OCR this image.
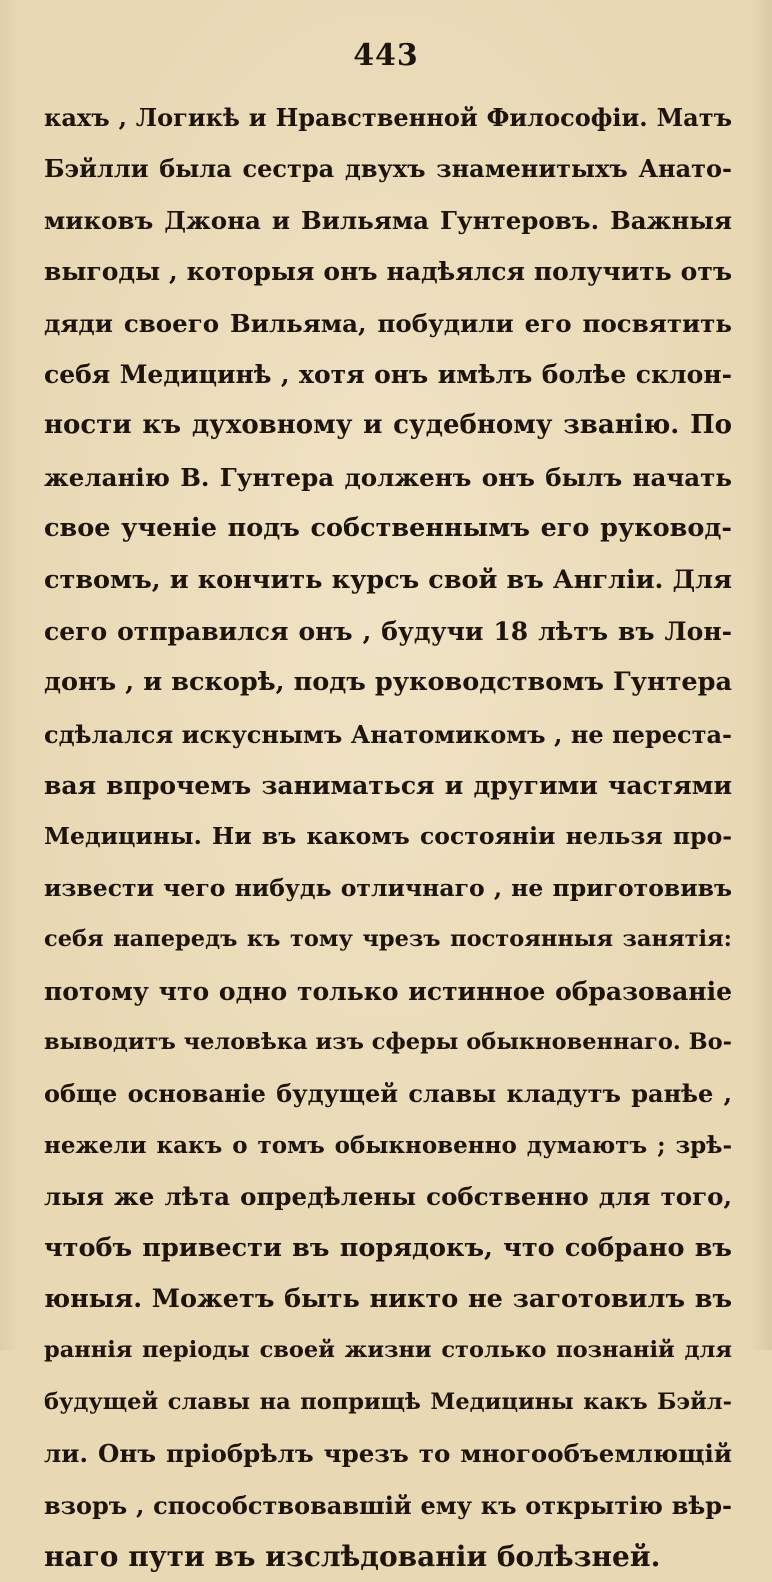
443
кахъ , Логикѣ и Нравственной Философіи. Матъ
Бэйлли была сестра двухъ знаменитыхъ Анато-
миковъ Джона и Вильяма Гунтеровъ. Важныя
выгоды , которыя онъ надѣялся получить отъ
дяди своего Вильяма, побудили его посвятить
себя Медицинѣ , хотя онъ имѣлъ болѣе склон-
ности къ духовному и судебному званію. По
желанію В. Гунтера долженъ онъ былъ начать
свое ученіе подъ собственнымъ его руковод-
ствомъ, и кончить курсъ свой въ Англіи. Для
сего отправился онъ , будучи 18 лѣтъ въ Лон-
донъ , и вскорѣ, подъ руководствомъ Гунтера
сдѣлался искуснымъ Анатомикомъ , не переста-
вая впрочемъ заниматься и другими частями
Медицины. Ни въ какомъ состояніи нельзя про-
извести чего нибудь отличнаго , не приготовивъ
себя напередъ къ тому чрезъ постоянныя занятія:
потому что одно только истинное образованіе
выводитъ человѣка изъ сферы обыкновеннаго. Во-
обще основаніе будущей славы кладутъ ранѣе ,
нежели какъ о томъ обыкновенно думаютъ ; зрѣ-
лыя же лѣта опредѣлены собственно для того,
чтобъ привести въ порядокъ, что собрано въ
юныя. Можетъ быть никто не заготовилъ въ
раннія періоды своей жизни столько познаній для
будущей славы на поприщѣ Медицины какъ Бэйл-
ли. Онъ пріобрѣлъ чрезъ то многообъемлющій
взоръ , способствовавшій ему къ открытію вѣр-
наго пути въ изслѣдованіи болѣзней.
